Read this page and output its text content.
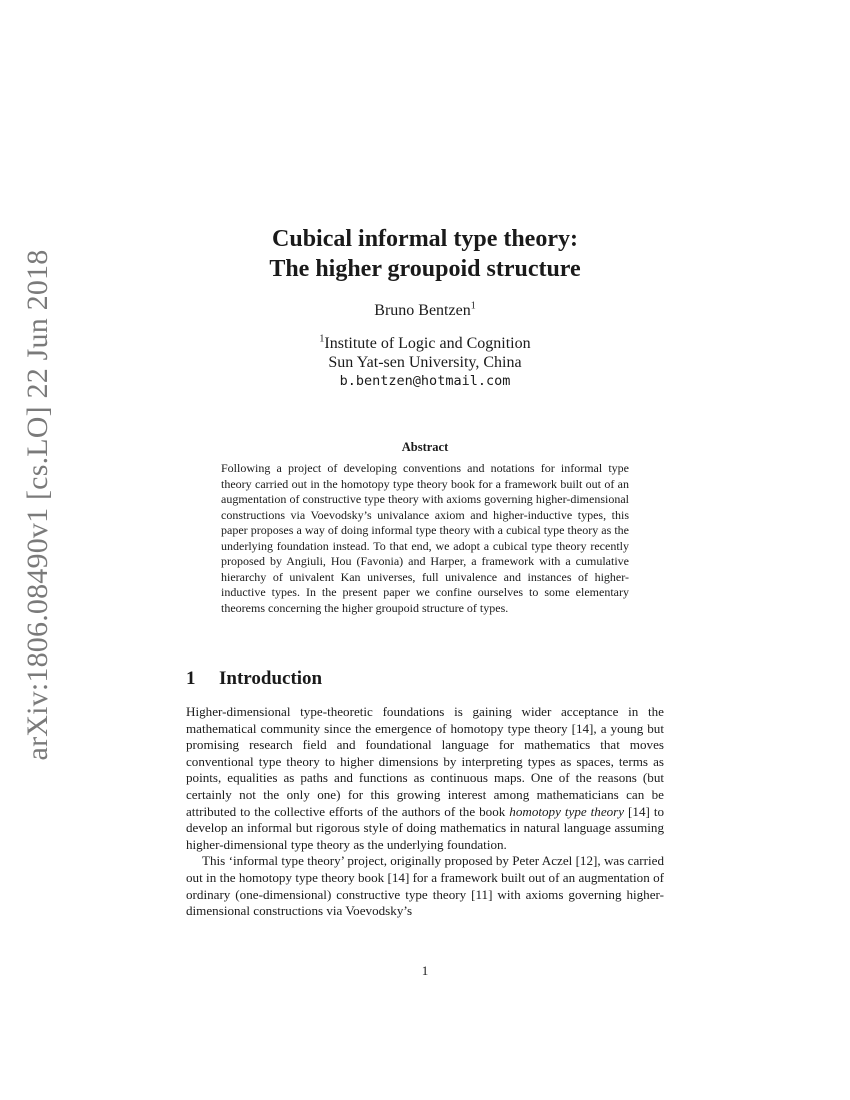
arXiv:1806.08490v1 [cs.LO] 22 Jun 2018
Cubical informal type theory:
The higher groupoid structure
Bruno Bentzen$^1$
$^1$Institute of Logic and Cognition
Sun Yat-sen University, China
b.bentzen@hotmail.com
Abstract
Following a project of developing conventions and notations for informal type theory carried out in the homotopy type theory book for a framework built out of an augmentation of constructive type theory with axioms governing higher-dimensional constructions via Voevodsky’s univalance axiom and higher-inductive types, this paper proposes a way of doing informal type theory with a cubical type theory as the underlying foundation instead. To that end, we adopt a cubical type theory recently proposed by Angiuli, Hou (Favonia) and Harper, a framework with a cumulative hierarchy of univalent Kan universes, full univalence and instances of higher-inductive types. In the present paper we confine ourselves to some elementary theorems concerning the higher groupoid structure of types.
1 Introduction

Higher-dimensional type-theoretic foundations is gaining wider acceptance in the mathematical community since the emergence of homotopy type theory [14], a young but promising research field and foundational language for mathematics that moves conventional type theory to higher dimensions by interpreting types as spaces, terms as points, equalities as paths and functions as continuous maps. One of the reasons (but certainly not the only one) for this growing interest among mathematicians can be attributed to the collective efforts of the authors of the book homotopy type theory [14] to develop an informal but rigorous style of doing mathematics in natural language assuming higher-dimensional type theory as the underlying foundation.

This ‘informal type theory’ project, originally proposed by Peter Aczel [12], was carried out in the homotopy type theory book [14] for a framework built out of an augmentation of ordinary (one-dimensional) constructive type theory [11] with axioms governing higher-dimensional constructions via Voevodsky’s

1
